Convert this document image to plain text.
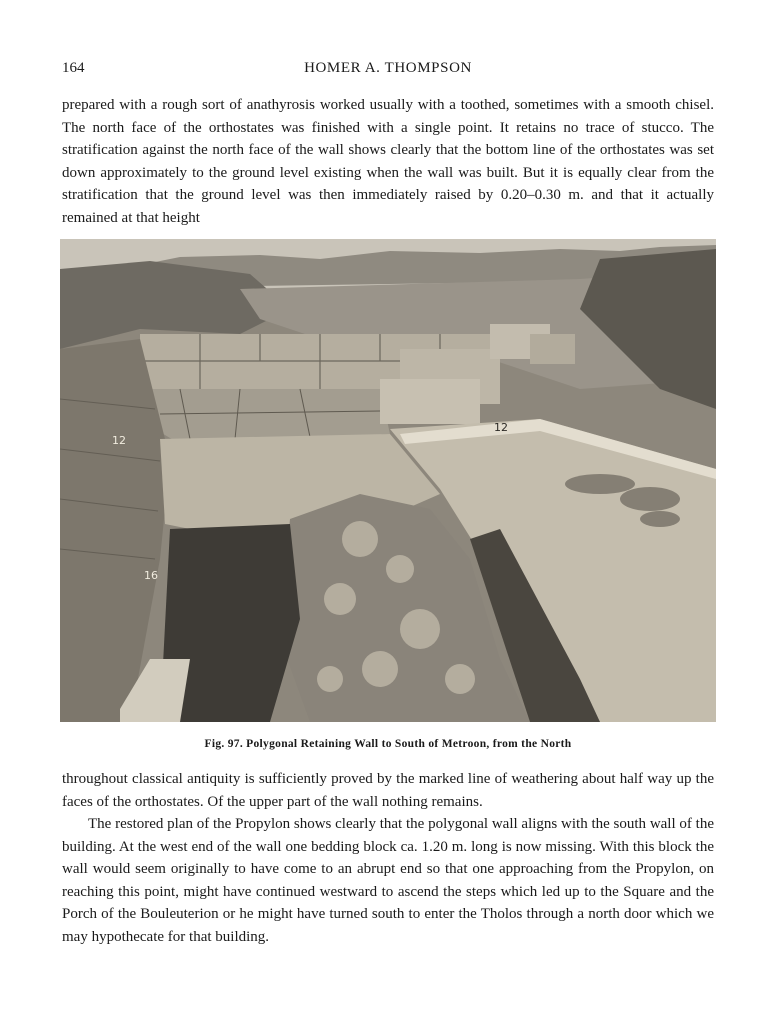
164	HOMER A. THOMPSON

prepared with a rough sort of anathyrosis worked usually with a toothed, sometimes with a smooth chisel. The north face of the orthostates was finished with a single point. It retains no trace of stucco. The stratification against the north face of the wall shows clearly that the bottom line of the orthostates was set down approximately to the ground level existing when the wall was built. But it is equally clear from the stratification that the ground level was then immediately raised by 0.20–0.30 m. and that it actually remained at that height

12
12
16
Fig. 97. Polygonal Retaining Wall to South of Metroon, from the North

throughout classical antiquity is sufficiently proved by the marked line of weathering about half way up the faces of the orthostates. Of the upper part of the wall nothing remains.

The restored plan of the Propylon shows clearly that the polygonal wall aligns with the south wall of the building. At the west end of the wall one bedding block ca. 1.20 m. long is now missing. With this block the wall would seem originally to have come to an abrupt end so that one approaching from the Propylon, on reaching this point, might have continued westward to ascend the steps which led up to the Square and the Porch of the Bouleuterion or he might have turned south to enter the Tholos through a north door which we may hypothecate for that building.
